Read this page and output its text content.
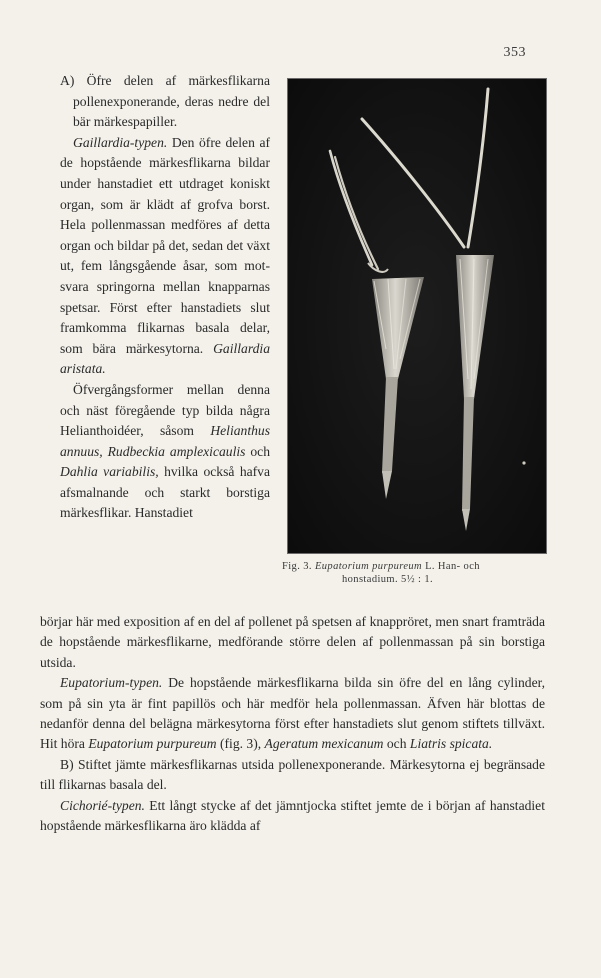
353

A) Öfre delen af märkesflikarna pollenexponerande, deras nedre del bär märkespapiller.

Gaillardia-typen. Den öfre delen af de hopstående märkesflikarna bildar under hanstadiet ett utdraget koniskt organ, som är klädt af grofva borst. Hela pollenmassan medföres af detta organ och bildar på det, sedan det växt ut, fem långsgående åsar, som motsvara springorna mellan knapparnas spetsar. Först efter hanstadiets slut framkomma flikarnas basala delar, som bära märkesytorna. Gaillardia aristata.

Öfvergångsformer mellan denna och näst föregående typ bilda några Helianthoidéer, såsom Helianthus annuus, Rudbeckia amplexicaulis och Dahlia variabilis, hvilka också hafva afsmalnande och starkt borstiga märkesflikar. Hanstadiet

Fig. 3. Eupatorium purpureum L. Han- och
honstadium. 5½ : 1.

börjar här med exposition af en del af pollenet på spetsen af knappröret, men snart framträda de hopstående märkesflikarne, medförande större delen af pollenmassan på sin borstiga utsida.

Eupatorium-typen. De hopstående märkesflikarna bilda sin öfre del en lång cylinder, som på sin yta är fint papillös och här medför hela pollenmassan. Äfven här blottas de nedanför denna del belägna märkesytorna först efter hanstadiets slut genom stiftets tillväxt. Hit höra Eupatorium purpureum (fig. 3), Ageratum mexicanum och Liatris spicata.

B) Stiftet jämte märkesflikarnas utsida pollenexponerande. Märkesytorna ej begränsade till flikarnas basala del.

Cichorié-typen. Ett långt stycke af det jämntjocka stiftet jemte de i början af hanstadiet hopstående märkesflikarna äro klädda af
